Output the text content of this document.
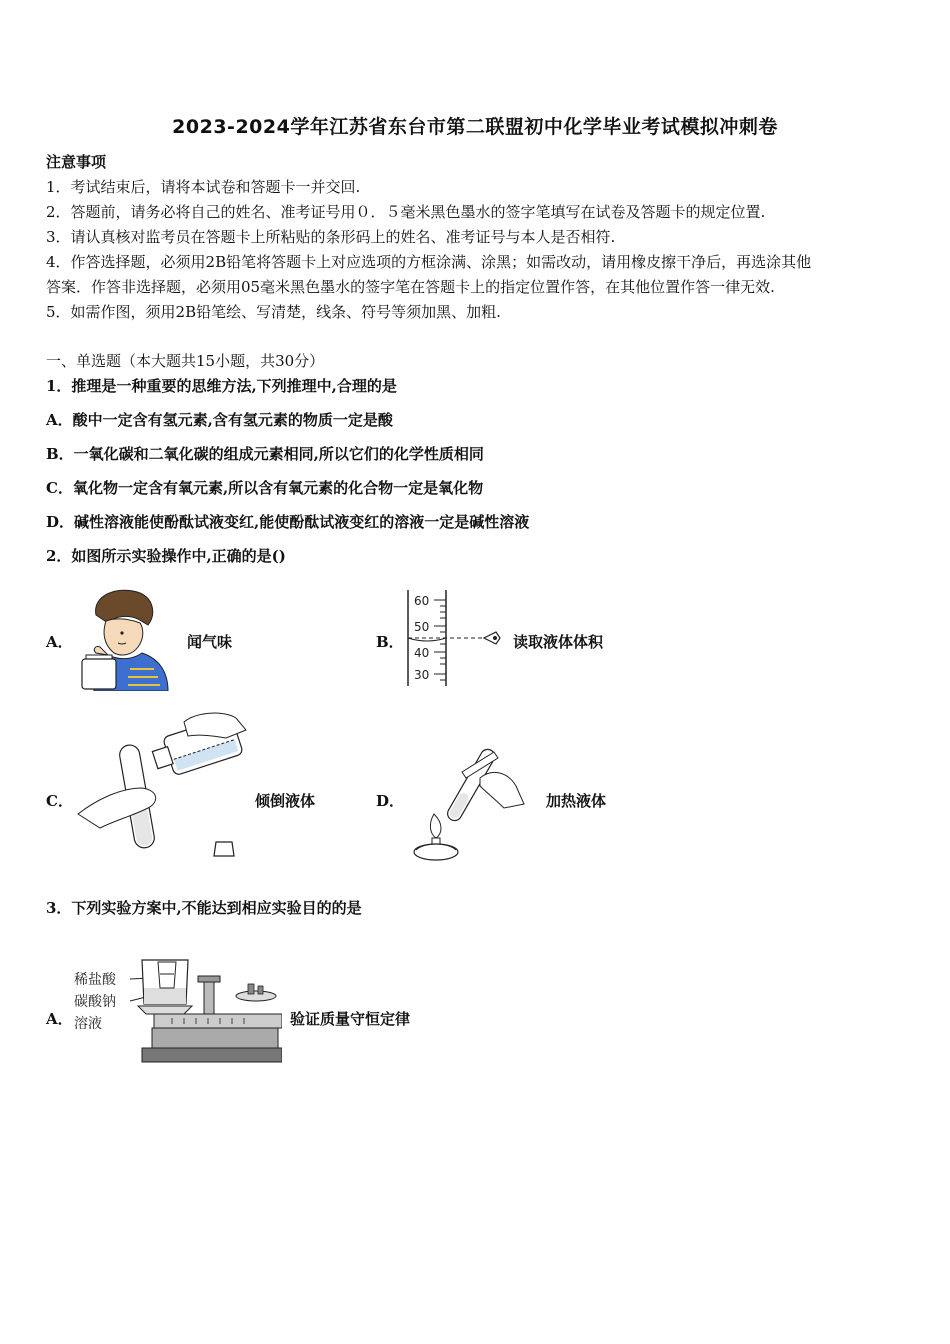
2023-2024学年江苏省东台市第二联盟初中化学毕业考试模拟冲刺卷
注意事项
1．考试结束后，请将本试卷和答题卡一并交回.
2．答题前，请务必将自己的姓名、准考证号用０．５毫米黑色墨水的签字笔填写在试卷及答题卡的规定位置.
3．请认真核对监考员在答题卡上所粘贴的条形码上的姓名、准考证号与本人是否相符.
4．作答选择题，必须用2B铅笔将答题卡上对应选项的方框涂满、涂黑；如需改动，请用橡皮擦干净后，再选涂其他
答案．作答非选择题，必须用05毫米黑色墨水的签字笔在答题卡上的指定位置作答，在其他位置作答一律无效.
5．如需作图，须用2B铅笔绘、写清楚，线条、符号等须加黑、加粗.
一、单选题（本大题共15小题，共30分）
1．推理是一种重要的思维方法,下列推理中,合理的是
A．酸中一定含有氢元素,含有氢元素的物质一定是酸
B．一氧化碳和二氧化碳的组成元素相同,所以它们的化学性质相同
C．氧化物一定含有氧元素,所以含有氧元素的化合物一定是氧化物
D．碱性溶液能使酚酞试液变红,能使酚酞试液变红的溶液一定是碱性溶液
2．如图所示实验操作中,正确的是()
A．	闻气味	B．
60
50
40
30
读取液体体积
C．	倾倒液体	D．	加热液体
3．下列实验方案中,不能达到相应实验目的的是
A．
稀盐酸
碳酸钠
溶液	验证质量守恒定律
